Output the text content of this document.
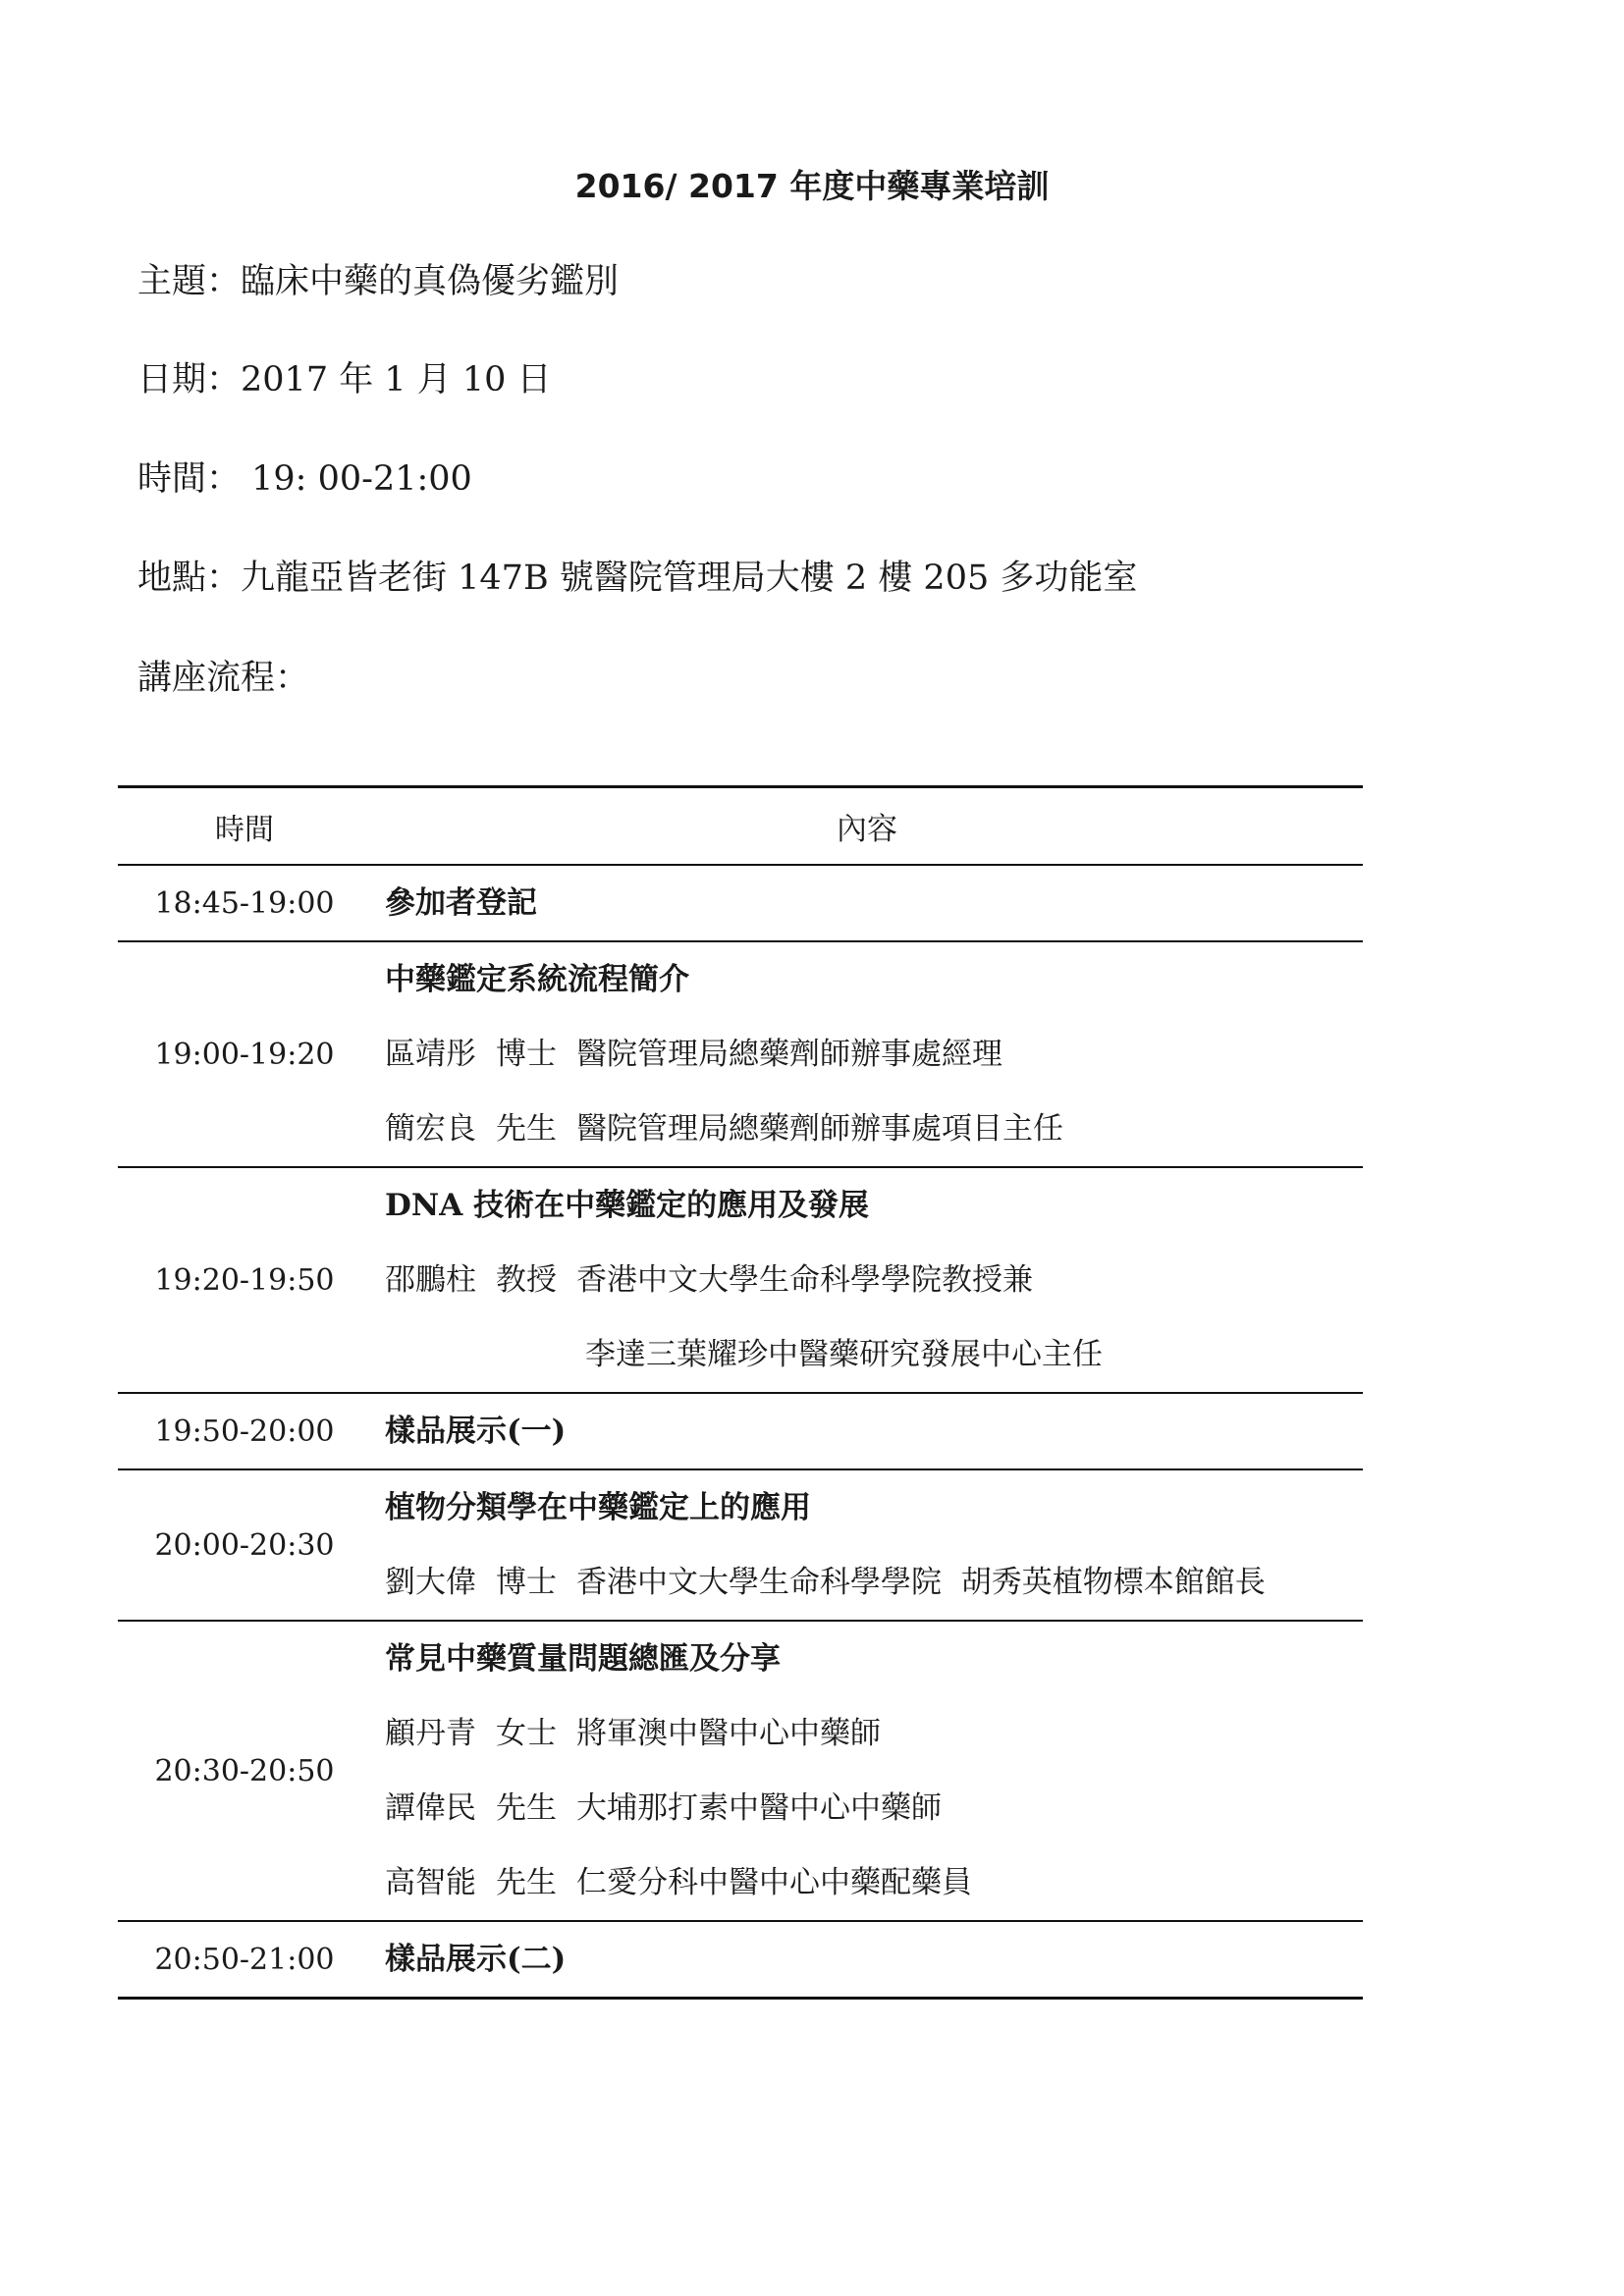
2016/ 2017 年度中藥專業培訓
主題：臨床中藥的真偽優劣鑑別
日期：2017 年 1 月 10 日
時間： 19: 00-21:00
地點：九龍亞皆老街 147B 號醫院管理局大樓 2 樓 205 多功能室
講座流程：
時間	內容
18:45-19:00	參加者登記
19:00-19:20
中藥鑑定系統流程簡介
區靖彤 博士 醫院管理局總藥劑師辦事處經理
簡宏良 先生 醫院管理局總藥劑師辦事處項目主任
19:20-19:50
DNA 技術在中藥鑑定的應用及發展
邵鵬柱 教授 香港中文大學生命科學學院教授兼
李達三葉耀珍中醫藥研究發展中心主任
19:50-20:00	樣品展示(一)
20:00-20:30
植物分類學在中藥鑑定上的應用
劉大偉 博士 香港中文大學生命科學學院  胡秀英植物標本館館長
20:30-20:50
常見中藥質量問題總匯及分享
顧丹青 女士 將軍澳中醫中心中藥師
譚偉民 先生 大埔那打素中醫中心中藥師
高智能 先生 仁愛分科中醫中心中藥配藥員
20:50-21:00	樣品展示(二)
